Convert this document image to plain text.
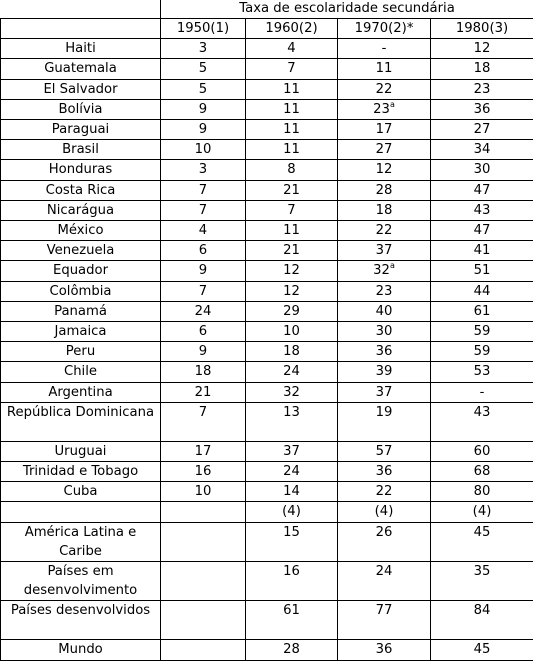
	Taxa de escolaridade secundária			
	1950(1)	1960(2)	1970(2)*	1980(3)
Haiti	3	4	-	12
Guatemala	5	7	11	18
El Salvador	5	11	22	23
Bolívia	9	11	23$^a$	36
Paraguai	9	11	17	27
Brasil	10	11	27	34
Honduras	3	8	12	30
Costa Rica	7	21	28	47
Nicarágua	7	7	18	43
México	4	11	22	47
Venezuela	6	21	37	41
Equador	9	12	32$^a$	51
Colômbia	7	12	23	44
Panamá	24	29	40	61
Jamaica	6	10	30	59
Peru	9	18	36	59
Chile	18	24	39	53
Argentina	21	32	37	-
República Dominicana	7	13	19	43
Uruguai	17	37	57	60
Trinidad e Tobago	16	24	36	68
Cuba	10	14	22	80
		(4)	(4)	(4)
América Latina e Caribe		15	26	45
Países em desenvolvimento		16	24	35
Países desenvolvidos		61	77	84
Mundo		28	36	45
